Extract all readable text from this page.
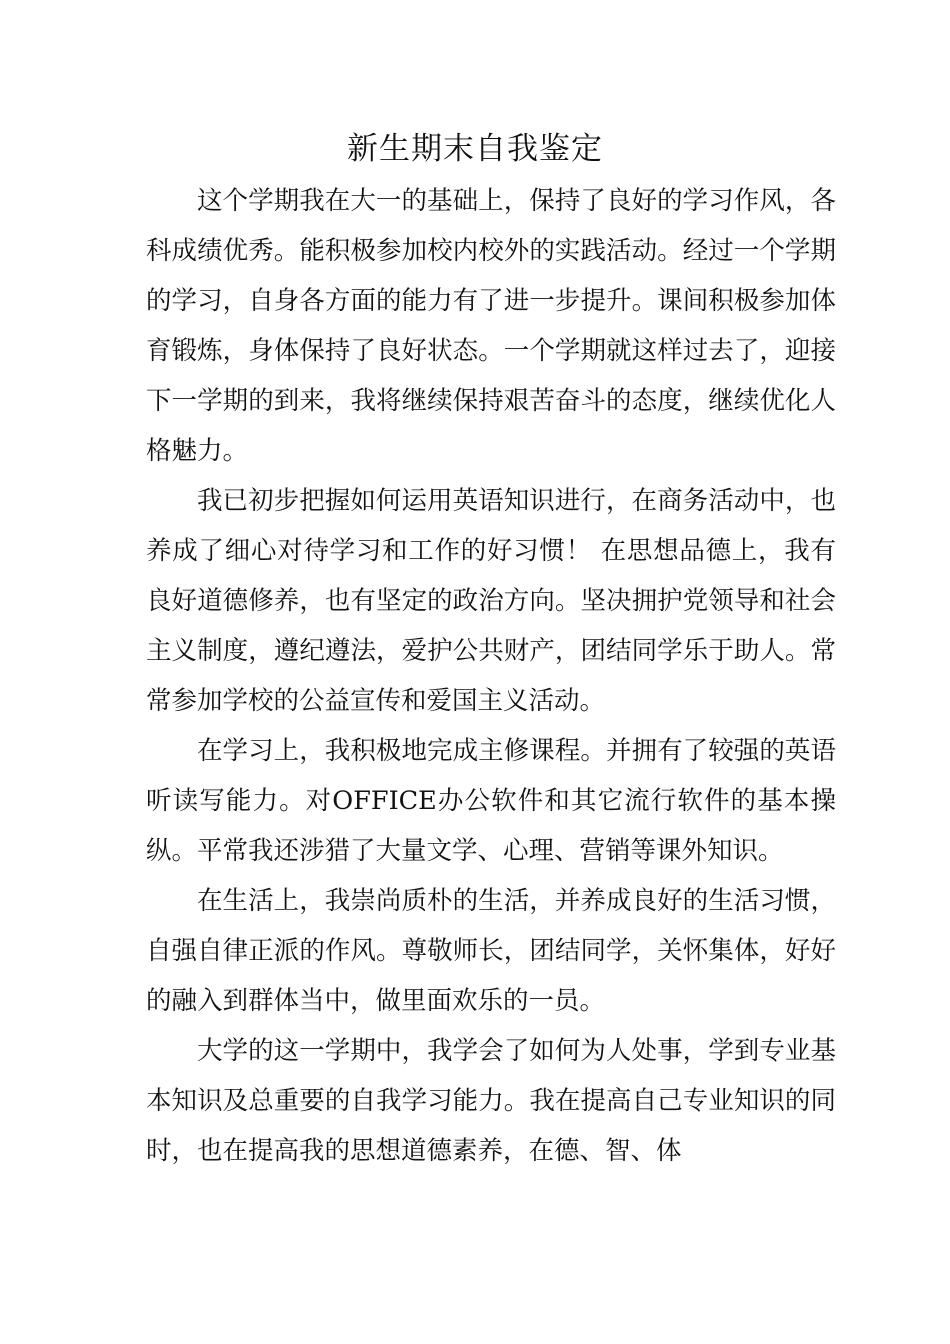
新生期末自我鉴定

这个学期我在大一的基础上，保持了良好的学习作风，各科成绩优秀。能积极参加校内校外的实践活动。经过一个学期的学习，自身各方面的能力有了进一步提升。课间积极参加体育锻炼，身体保持了良好状态。一个学期就这样过去了，迎接下一学期的到来，我将继续保持艰苦奋斗的态度，继续优化人格魅力。

我已初步把握如何运用英语知识进行，在商务活动中，也养成了细心对待学习和工作的好习惯！ 在思想品德上，我有良好道德修养，也有坚定的政治方向。坚决拥护党领导和社会主义制度，遵纪遵法，爱护公共财产，团结同学乐于助人。常常参加学校的公益宣传和爱国主义活动。

在学习上，我积极地完成主修课程。并拥有了较强的英语听读写能力。对OFFICE办公软件和其它流行软件的基本操纵。平常我还涉猎了大量文学、心理、营销等课外知识。

在生活上，我崇尚质朴的生活，并养成良好的生活习惯，自强自律正派的作风。尊敬师长，团结同学，关怀集体，好好的融入到群体当中，做里面欢乐的一员。

大学的这一学期中，我学会了如何为人处事，学到专业基本知识及总重要的自我学习能力。我在提高自己专业知识的同时，也在提高我的思想道德素养，在德、智、体
